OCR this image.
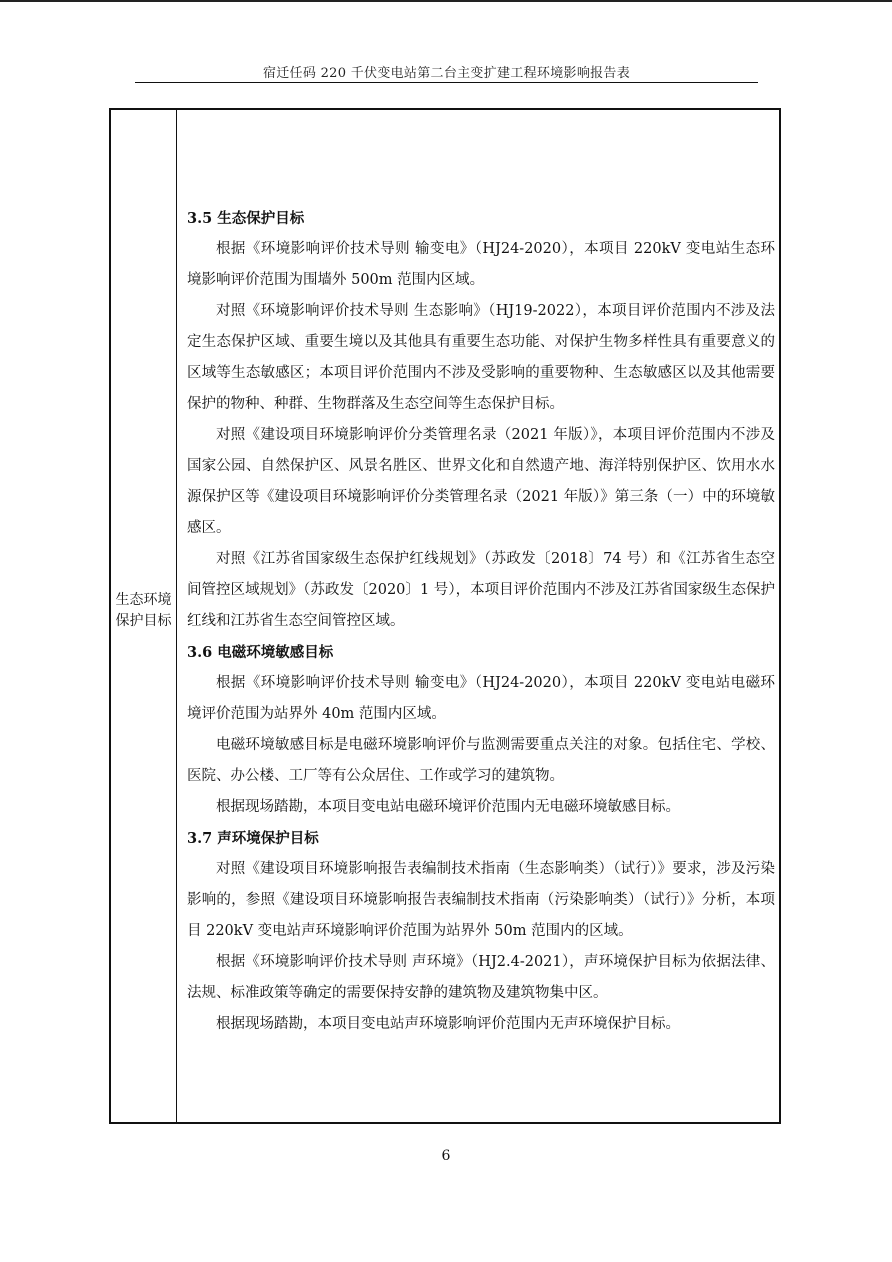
宿迁任码 220 千伏变电站第二台主变扩建工程环境影响报告表
生态环境保护目标
3.5 生态保护目标

根据《环境影响评价技术导则 输变电》（HJ24-2020），本项目 220kV 变电站生态环境影响评价范围为围墙外 500m 范围内区域。

对照《环境影响评价技术导则 生态影响》（HJ19-2022），本项目评价范围内不涉及法定生态保护区域、重要生境以及其他具有重要生态功能、对保护生物多样性具有重要意义的区域等生态敏感区；本项目评价范围内不涉及受影响的重要物种、生态敏感区以及其他需要保护的物种、种群、生物群落及生态空间等生态保护目标。

对照《建设项目环境影响评价分类管理名录（2021 年版）》，本项目评价范围内不涉及国家公园、自然保护区、风景名胜区、世界文化和自然遗产地、海洋特别保护区、饮用水水源保护区等《建设项目环境影响评价分类管理名录（2021 年版）》第三条（一）中的环境敏感区。

对照《江苏省国家级生态保护红线规划》（苏政发〔2018〕74 号）和《江苏省生态空间管控区域规划》（苏政发〔2020〕1 号），本项目评价范围内不涉及江苏省国家级生态保护红线和江苏省生态空间管控区域。

3.6 电磁环境敏感目标

根据《环境影响评价技术导则 输变电》（HJ24-2020），本项目 220kV 变电站电磁环境评价范围为站界外 40m 范围内区域。

电磁环境敏感目标是电磁环境影响评价与监测需要重点关注的对象。包括住宅、学校、医院、办公楼、工厂等有公众居住、工作或学习的建筑物。

根据现场踏勘，本项目变电站电磁环境评价范围内无电磁环境敏感目标。

3.7 声环境保护目标

对照《建设项目环境影响报告表编制技术指南（生态影响类）（试行）》要求，涉及污染影响的，参照《建设项目环境影响报告表编制技术指南（污染影响类）（试行）》分析，本项目 220kV 变电站声环境影响评价范围为站界外 50m 范围内的区域。

根据《环境影响评价技术导则 声环境》（HJ2.4-2021），声环境保护目标为依据法律、法规、标准政策等确定的需要保持安静的建筑物及建筑物集中区。

根据现场踏勘，本项目变电站声环境影响评价范围内无声环境保护目标。

6
